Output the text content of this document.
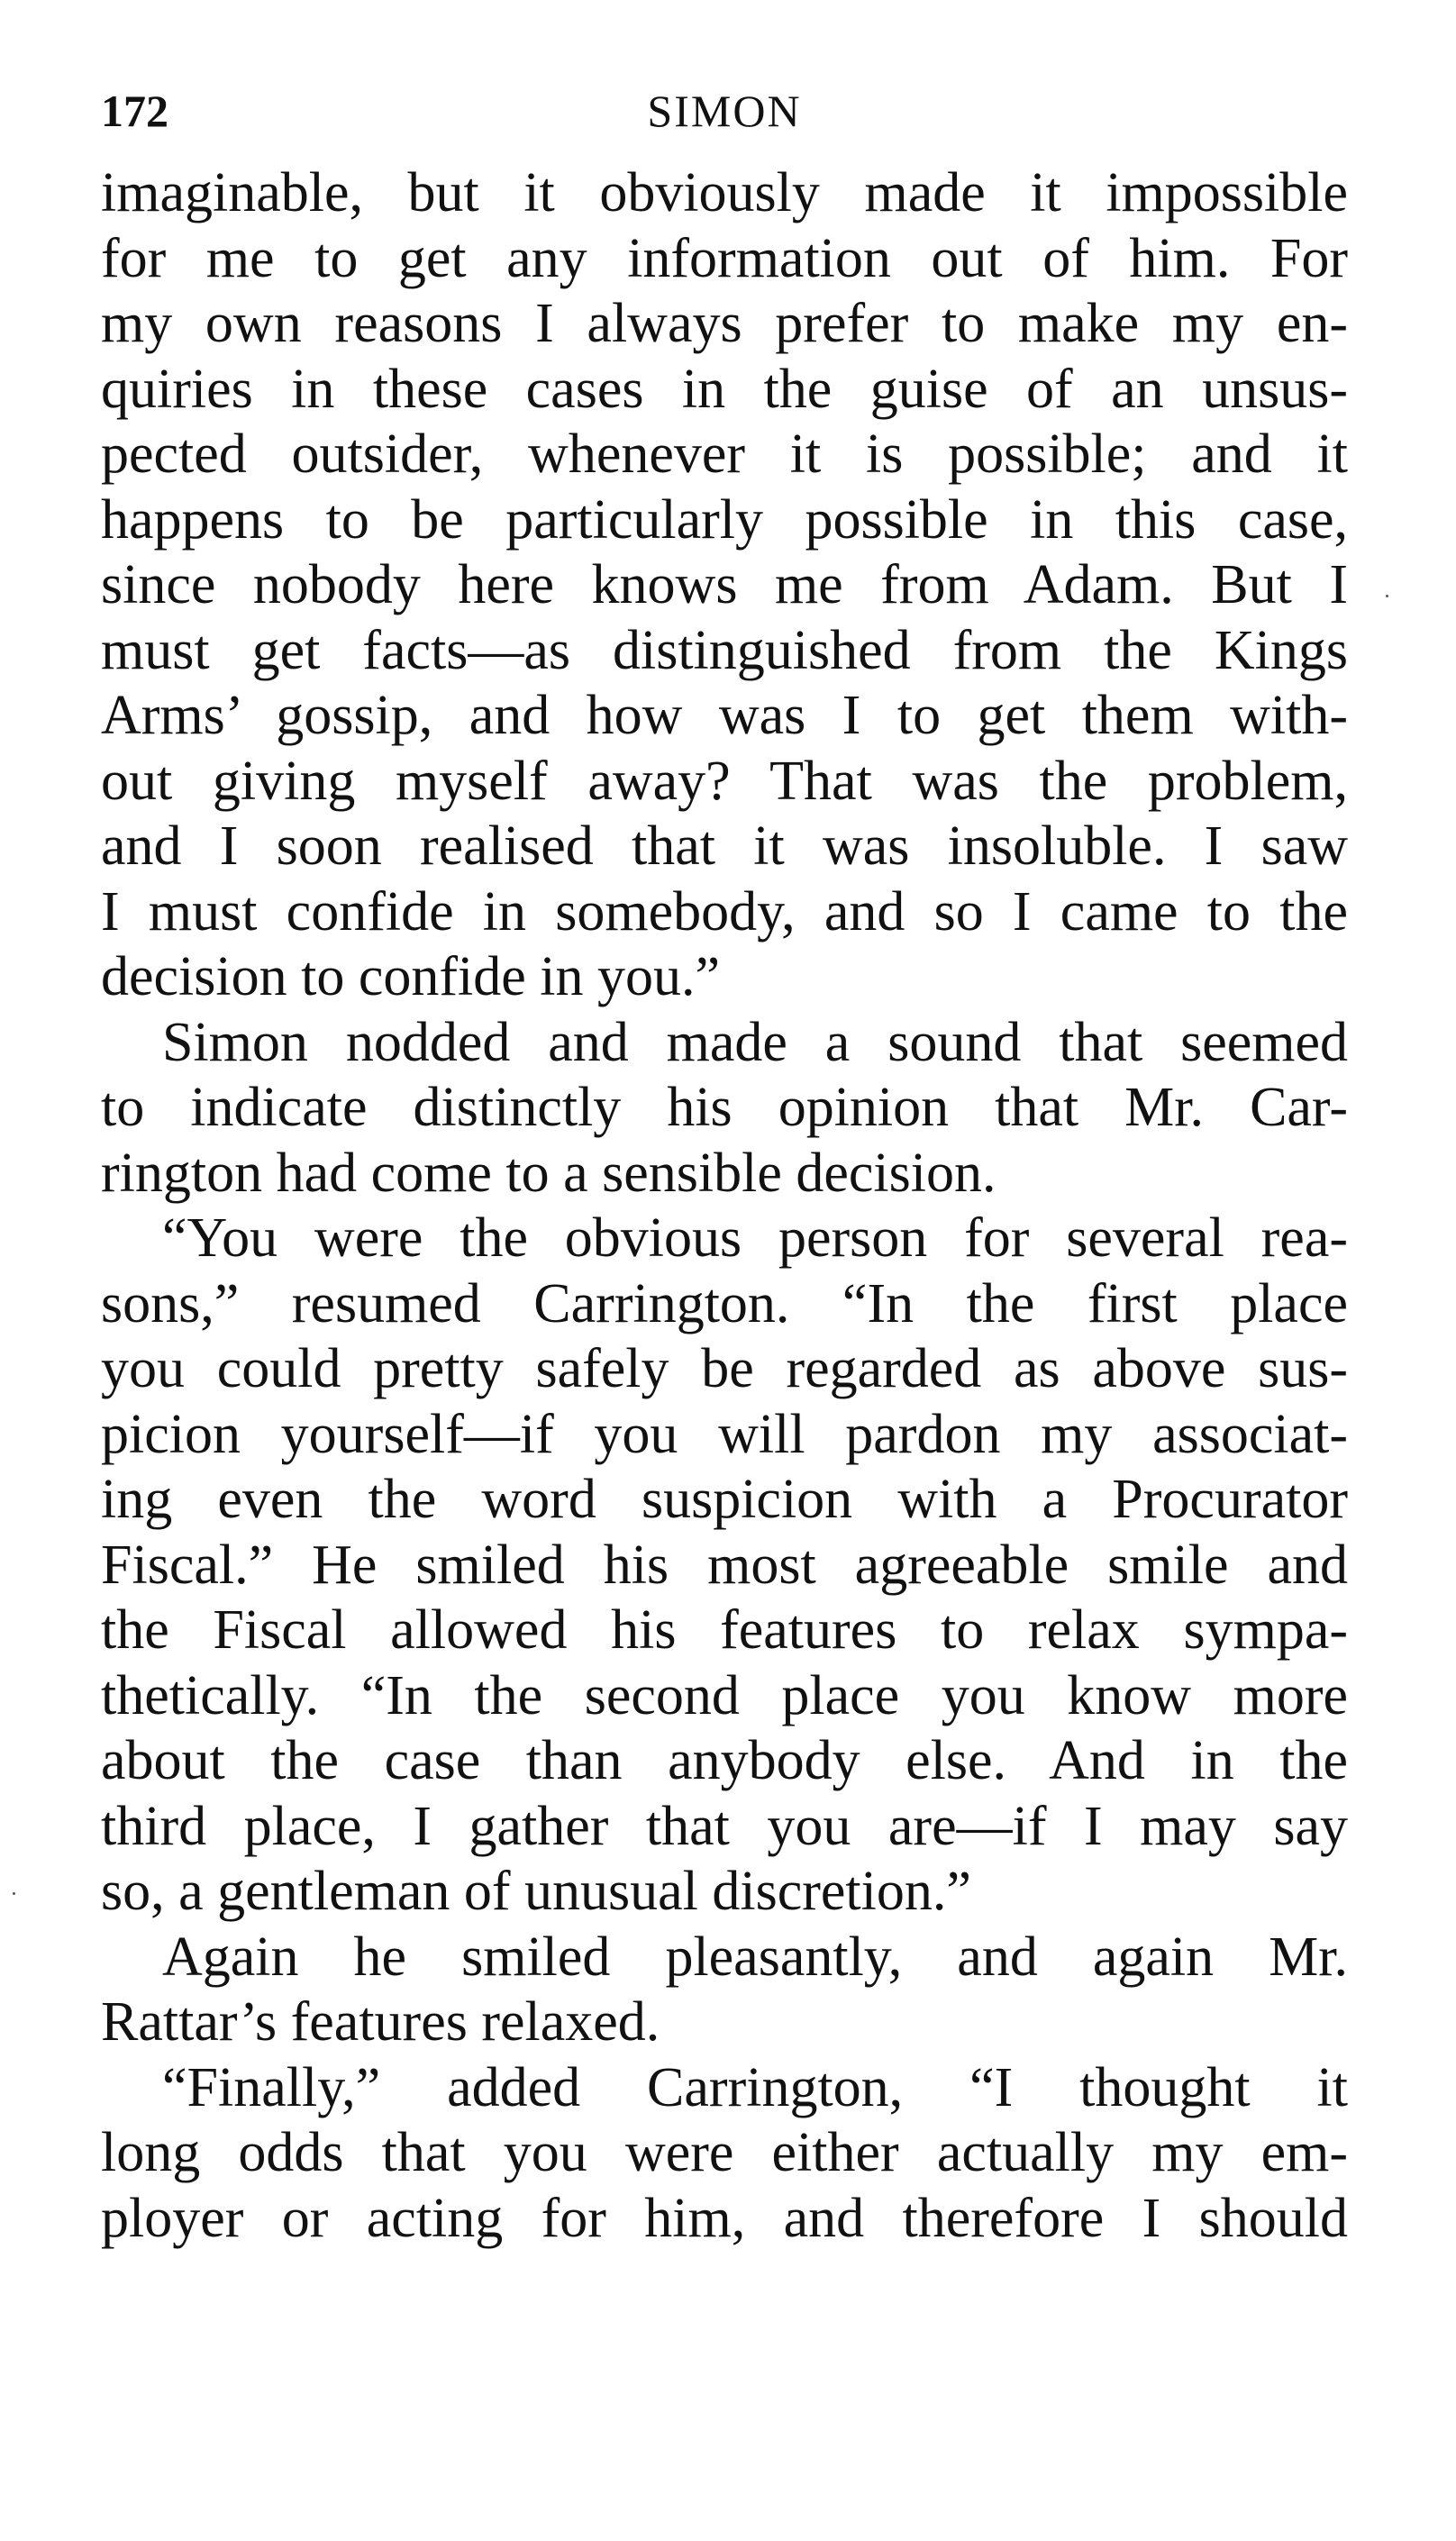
172	SIMON
imaginable, but it obviously made it impossible
for me to get any information out of him. For
my own reasons I always prefer to make my en-
quiries in these cases in the guise of an unsus-
pected outsider, whenever it is possible; and it
happens to be particularly possible in this case,
since nobody here knows me from Adam. But I
must get facts—as distinguished from the Kings
Arms’ gossip, and how was I to get them with-
out giving myself away? That was the problem,
and I soon realised that it was insoluble. I saw
I must confide in somebody, and so I came to the
decision to confide in you.”
Simon nodded and made a sound that seemed
to indicate distinctly his opinion that Mr. Car-
rington had come to a sensible decision.
“You were the obvious person for several rea-
sons,” resumed Carrington. “In the first place
you could pretty safely be regarded as above sus-
picion yourself—if you will pardon my associat-
ing even the word suspicion with a Procurator
Fiscal.” He smiled his most agreeable smile and
the Fiscal allowed his features to relax sympa-
thetically. “In the second place you know more
about the case than anybody else. And in the
third place, I gather that you are—if I may say
so, a gentleman of unusual discretion.”
Again he smiled pleasantly, and again Mr.
Rattar’s features relaxed.
“Finally,” added Carrington, “I thought it
long odds that you were either actually my em-
ployer or acting for him, and therefore I should
